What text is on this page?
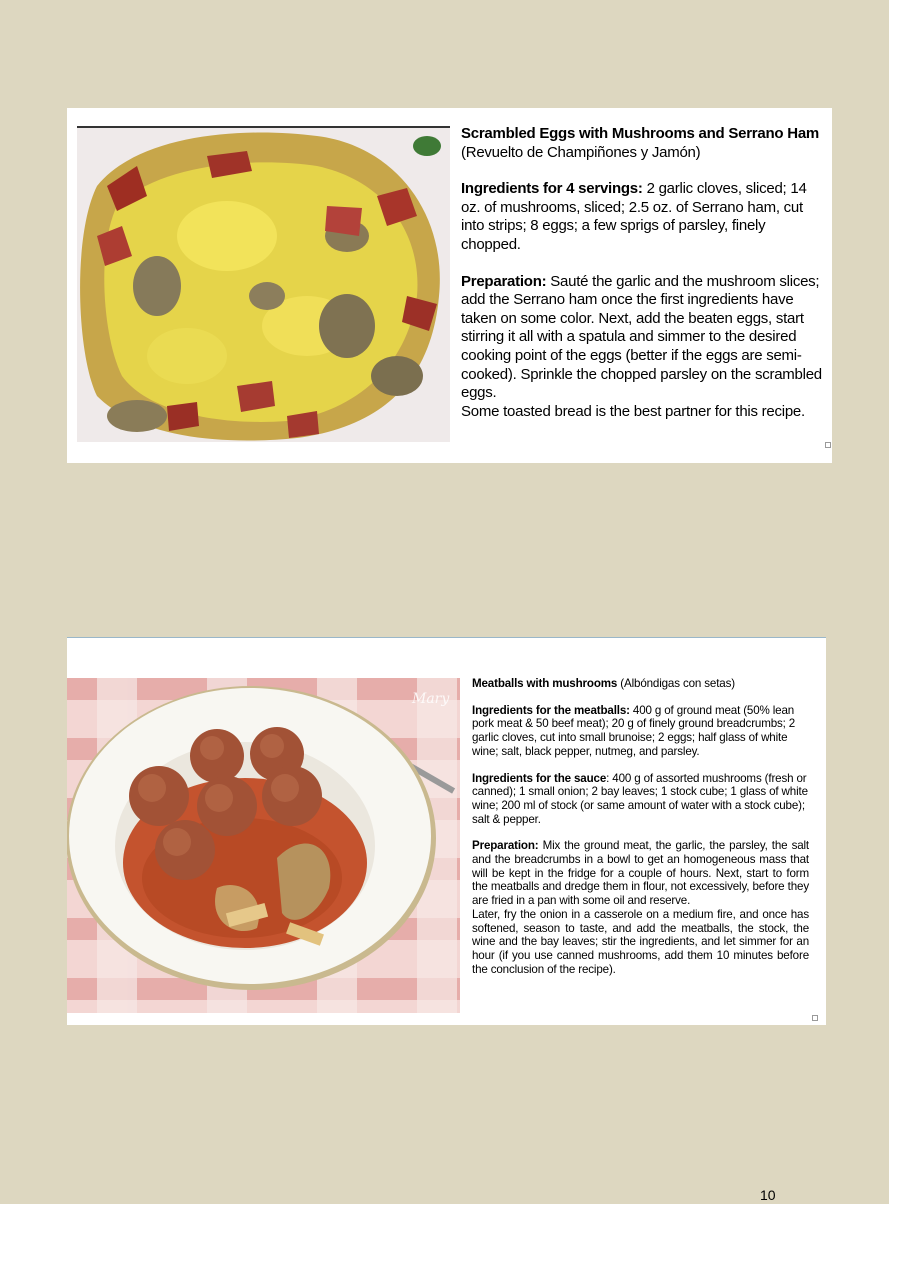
Scrambled Eggs with Mushrooms and Serrano Ham (Revuelto de Champiñones y Jamón)

Ingredients for 4 servings: 2 garlic cloves, sliced; 14 oz. of mushrooms, sliced; 2.5 oz. of Serrano ham, cut into strips; 8 eggs; a few sprigs of parsley, finely chopped.

Preparation: Sauté the garlic and the mushroom slices; add the Serrano ham once the first ingredients have taken on some color. Next, add the beaten eggs, start stirring it all with a spatula and simmer to the desired cooking point of the eggs (better if the eggs are semi-cooked). Sprinkle the chopped parsley on the scrambled eggs.

Some toasted bread is the best partner for this recipe.

Mary

Meatballs with mushrooms (Albóndigas con setas)

Ingredients for the meatballs: 400 g of ground meat (50% lean pork meat & 50 beef meat); 20 g of finely ground breadcrumbs; 2 garlic cloves, cut into small brunoise; 2 eggs; half glass of white wine; salt, black pepper, nutmeg, and parsley.

Ingredients for the sauce: 400 g of assorted mushrooms (fresh or canned); 1 small onion; 2 bay leaves; 1 stock cube; 1 glass of white wine; 200 ml of stock (or same amount of water with a stock cube); salt & pepper.

Preparation: Mix the ground meat, the garlic, the parsley, the salt and the breadcrumbs in a bowl to get an homogeneous mass that will be kept in the fridge for a couple of hours. Next, start to form the meatballs and dredge them in flour, not excessively, before they are fried in a pan with some oil and reserve.

Later, fry the onion in a casserole on a medium fire, and once has softened, season to taste, and add the meatballs, the stock, the wine and the bay leaves; stir the ingredients, and let simmer for an hour (if you use canned mushrooms, add them 10 minutes before the conclusion of the recipe).

10
